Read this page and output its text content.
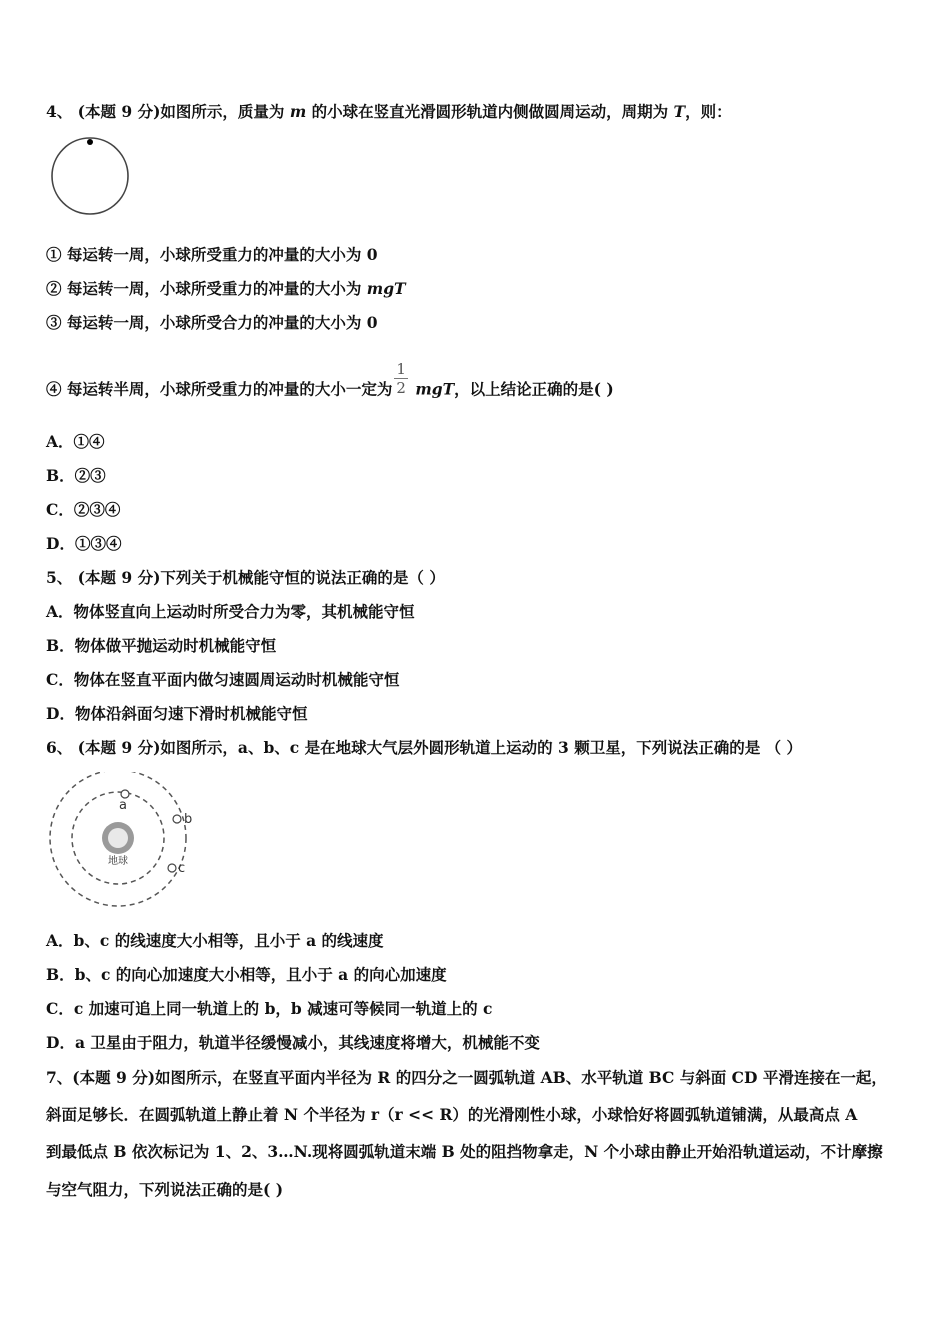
4、 (本题 9 分)如图所示，质量为 m 的小球在竖直光滑圆形轨道内侧做圆周运动，周期为 T，则：
① 每运转一周，小球所受重力的冲量的大小为 0
② 每运转一周，小球所受重力的冲量的大小为 mgT
③ 每运转一周，小球所受合力的冲量的大小为 0
④ 每运转半周，小球所受重力的冲量的大小一定为 $\frac{1}{2}$ mgT，以上结论正确的是( )
A．①④
B．②③
C．②③④
D．①③④
5、 (本题 9 分)下列关于机械能守恒的说法正确的是（ ）
A．物体竖直向上运动时所受合力为零，其机械能守恒
B．物体做平抛运动时机械能守恒
C．物体在竖直平面内做匀速圆周运动时机械能守恒
D．物体沿斜面匀速下滑时机械能守恒
6、 (本题 9 分)如图所示，a、b、c 是在地球大气层外圆形轨道上运动的 3 颗卫星，下列说法正确的是 （ ）
地球
a
b
c
A．b、c 的线速度大小相等，且小于 a 的线速度
B．b、c 的向心加速度大小相等，且小于 a 的向心加速度
C．c 加速可追上同一轨道上的 b，b 减速可等候同一轨道上的 c
D．a 卫星由于阻力，轨道半径缓慢减小，其线速度将增大，机械能不变
7、(本题 9 分)如图所示，在竖直平面内半径为 R 的四分之一圆弧轨道 AB、水平轨道 BC 与斜面 CD 平滑连接在一起，
斜面足够长．在圆弧轨道上静止着 N 个半径为 r（r << R）的光滑刚性小球，小球恰好将圆弧轨道铺满，从最高点 A
到最低点 B 依次标记为 1、2、3…N.现将圆弧轨道末端 B 处的阻挡物拿走，N 个小球由静止开始沿轨道运动，不计摩擦
与空气阻力，下列说法正确的是( )
